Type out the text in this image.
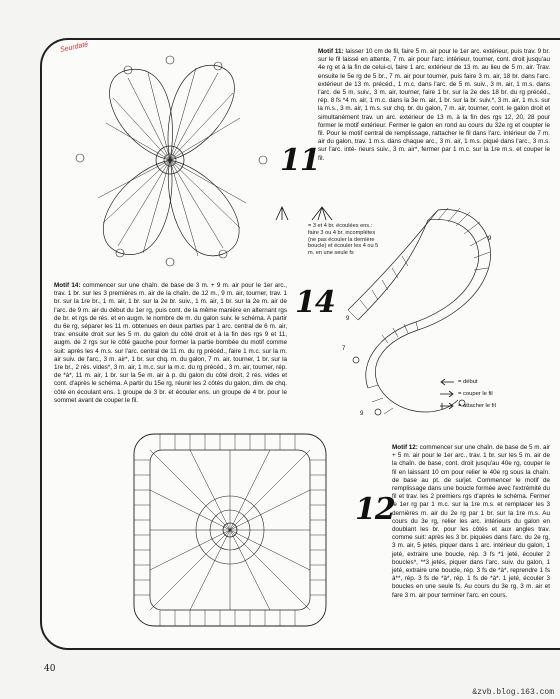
Seurdaté
11
Motif 11: laisser 10 cm de fil, faire 5 m. air pour le 1er arc. extérieur, puis trav. 9 br. sur le fil laissé en attente, 7 m. air pour l'arc. intérieur, tourner, cont. droit jusqu'au 4e rg et à la fin de celui-ci, faire 1 arc. extérieur de 13 m. au lieu de 5 m. air. Trav. ensuite le 5e rg de 5 br., 7 m. air pour tourner, puis faire 3 m. air, 18 br. dans l'arc. extérieur de 13 m. précéd., 1 m.c. dans l'arc. de 5 m. suiv., 3 m. air, 1 m.s. dans l'arc. de 5 m. suiv., 3 m. air, tourner, faire 1 br. sur la 2e des 18 br. du rg précéd., rép. 8 fs *4 m. air, 1 m.c. dans la 3e m. air, 1 br. sur la br. suiv.*, 3 m. air, 1 m.s. sur la m.s., 3 m. air, 1 m.s. sur chq. br. du galon, 7 m. air, tourner, cont. le galon droit et simultanément trav. un arc. extérieur de 13 m. à la fin des rgs 12, 20, 28 pour former le motif extérieur. Fermer le galon en rond au cours du 32e rg et coupter le fil. Pour le motif central de remplissage, rattacher le fil dans l'arc. intérieur de 7 m. air du galon, trav. 1 m.s. dans chaque arc., 3 m. air, 1 m.s. piqué dans l'arc., 3 m.s. sur l'arc. inté- rieurs suiv., 3 m. air*, fermer par 1 m.c. sur la 1re m.s. et couper le fil.
= 3 et 4 br. écoulées ens.: faire 3 ou 4 br. incomplètes (ne pas écouler la dernière boucle) et écouler les 4 ou 5 m. en une seule fs
7
9
9
9
14
= début
= couper le fil
= attacher le fil
Motif 14: commencer sur une chaîn. de base de 3 m. + 9 m. air pour le 1er arc., trav. 1 br. sur les 3 premières m. air de la chaîn. de 12 m., 9 m. air, tourner, trav. 1 br. sur la 1re br., 1 m. air, 1 br. sur la 2e br. suiv., 1 m. air, 1 br. sur la 2e m. air de l'arc. de 9 m. air du début du 1er rg, puis cont. de la même manière en alternant rgs de br. et rgs de rés. et en augm. le nombre de m. du galon suiv. le schéma. A partir du 6e rg, séparer les 11 m. obtenues en deux parties par 1 arc. central de 6 m. air, trav. ensuite droit sur les 5 m. du galon du côté droit et à la fin des rgs 9 et 11, augm. de 2 rgs sur le côté gauche pour former la partie bombée du motif comme suit: après les 4 m.s. sur l'arc. central de 11 m. du rg précéd., faire 1 m.c. sur la m. air suiv. de l'arc., 3 m. air*, 1 br. sur chq. m. du galon, 7 m. air, tourner, 1 br. sur la 1re br., 2 rés. vides*, 3 m. air, 1 m.c. sur la m.c. du rg précéd., 3 m. air, tourner, rép. de *à*, 11 m. air, 1 br. sur la 5e m. air à p. du galon du côté droit, 2 rés. vides et cont. d'après le schéma. A partir du 15e rg, réunir les 2 côtés du galon, dim. de chq. côté en écoulant ens. 1 groupe de 3 br. et écouler ens. un groupe de 4 br. pour le sommet avant de couper le fil.
12
Motif 12: commencer sur une chaîn. de base de 5 m. air + 5 m. air pour le 1er arc., trav. 1 br. sur les 5 m. air de la chaîn. de base, cont. droit jusqu'au 40e rg, couper le fil en laissant 10 cm pour relier le 40e rg sous la chaîn. de base au pt. de surjet. Commencer le motif de remplissage dans une boucle formée avec l'extrémité du fil et trav. les 2 premiers rgs d'après le schéma. Fermer le 1er rg par 1 m.c. sur la 1re m.s. et remplacer les 3 dernières m. air du 2e rg par 1 br. sur la 1re m.s. Au cours du 3e rg, relier les arc. intérieurs du galon en doublant les br. pour les côtés et aux angles trav. comme suit: après les 3 br. piquées dans l'arc. du 2e rg, 3 m. air, 5 jetés, piquer dans 1 arc. intérieur du galon, 1 jeté, extraire une boucle, rép. 3 fs *1 jeté, écouler 2 boucles*, **3 jetés, piquer dans l'arc. suiv. du galon, 1 jeté, extraire une boucle, rép. 3 fs de *à*, reprendre 1 fs à**, rép. 3 fs de *à*, rép. 1 fs de *à*. 1 jeté, écouler 3 boucles en une seule fs. Au cours du 3e rg, 3 m. air et fare 3 m. air pour terminer l'arc. en cours.
40
&zvb.blog.163.com
